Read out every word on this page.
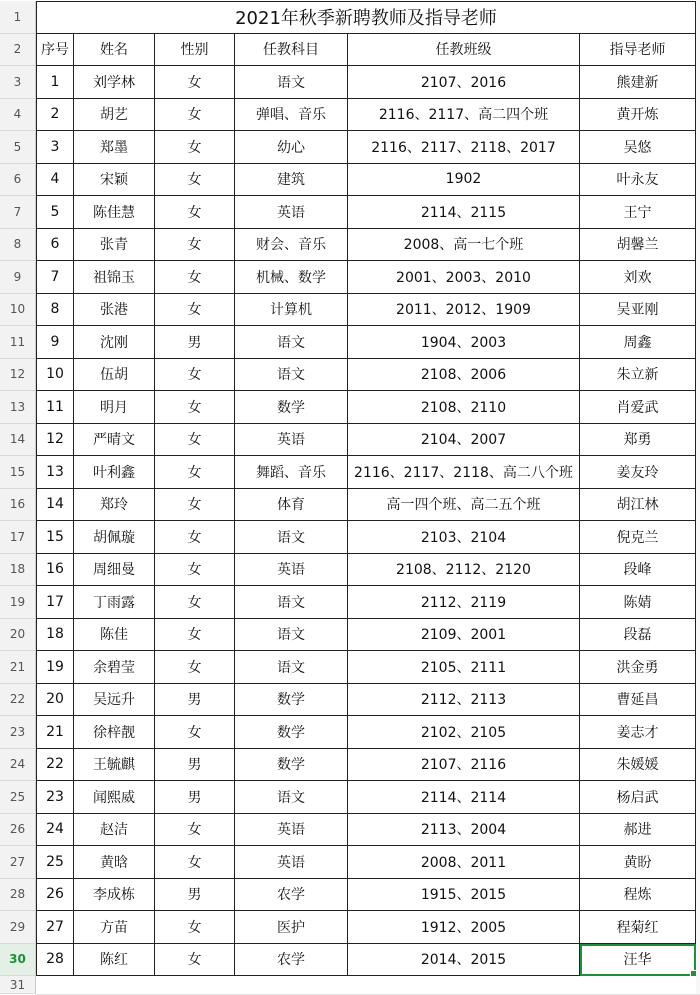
1	2021年秋季新聘教师及指导老师
2	序号	姓名	性别	任教科目	任教班级	指导老师
3	1	刘学林	女	语文	2107、2016	熊建新
4	2	胡艺	女	弹唱、音乐	2116、2117、高二四个班	黄开炼
5	3	郑墨	女	幼心	2116、2117、2118、2017	吴悠
6	4	宋颖	女	建筑	1902	叶永友
7	5	陈佳慧	女	英语	2114、2115	王宁
8	6	张青	女	财会、音乐	2008、高一七个班	胡馨兰
9	7	祖锦玉	女	机械、数学	2001、2003、2010	刘欢
10	8	张港	女	计算机	2011、2012、1909	吴亚刚
11	9	沈刚	男	语文	1904、2003	周鑫
12	10	伍胡	女	语文	2108、2006	朱立新
13	11	明月	女	数学	2108、2110	肖爱武
14	12	严晴文	女	英语	2104、2007	郑勇
15	13	叶利鑫	女	舞蹈、音乐	2116、2117、2118、高二八个班	姜友玲
16	14	郑玲	女	体育	高一四个班、高二五个班	胡江林
17	15	胡佩璇	女	语文	2103、2104	倪克兰
18	16	周细曼	女	英语	2108、2112、2120	段峰
19	17	丁雨露	女	语文	2112、2119	陈婧
20	18	陈佳	女	语文	2109、2001	段磊
21	19	余碧莹	女	语文	2105、2111	洪金勇
22	20	吴远升	男	数学	2112、2113	曹延昌
23	21	徐梓靓	女	数学	2102、2105	姜志才
24	22	王毓麒	男	数学	2107、2116	朱媛媛
25	23	闻熙威	男	语文	2114、2114	杨启武
26	24	赵洁	女	英语	2113、2004	郝进
27	25	黄晗	女	英语	2008、2011	黄盼
28	26	李成栋	男	农学	1915、2015	程炼
29	27	方苗	女	医护	1912、2005	程菊红
30	28	陈红	女	农学	2014、2015	汪华
31
